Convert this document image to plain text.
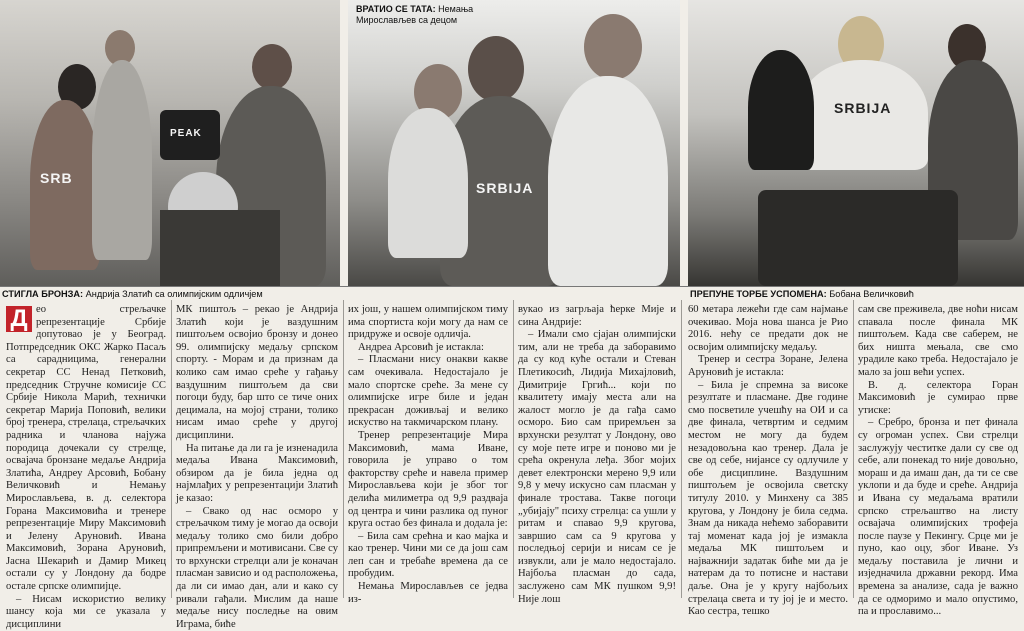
SRB
PEAK
SRBIJA
ВРАТИО СЕ ТАТА: Немања
Мирослављев са децом
SRBIJA
СТИГЛА БРОНЗА: Андрија Златић са олимпијским одличјем	ПРЕПУНЕ ТОРБЕ УСПОМЕНА: Бобана Величковић

Д ео стрељачке репрезентације Србије допутовао је у Београд. Потпредседник ОКС Жарко Пасаљ са сарадницима, генерални секретар СС Ненад Петковић, председник Стручне комисије СС Србије Никола Марић, технички секретар Марија Поповић, велики број тренера, стрелаца, стрељачких радника и чланова најужа породица дочекали су стрелце, освајача бронзане медаље Андрија Златића, Андреу Арсовић, Бобану Величковић и Немању Мирослављева, в. д. селектора Горана Максимовића и тренере репрезентације Миру Максимовић и Јелену Аруновић. Ивана Максимовић, Зорана Аруновић, Јасна Шекарић и Дамир Микец остали су у Лондону да бодре остале српске олимпијце.

– Нисам искористио велику шансу која ми се указала у дисциплини

МК пиштољ – рекао је Андрија Златић који је ваздушним пиштољем освојио бронзу и донео 99. олимпијску медаљу српском спорту. - Морам и да признам да колико сам имао среће у гађању ваздушним пиштољем да сви погоци буду, бар што се тиче оних децимала, на мојој страни, толико нисам имао среће у другој дисциплини.

На питање да ли га је изненадила медаља Ивана Максимовић, обзиром да је била једна од најмлађих у репрезентацији Златић је казао:

– Свако од нас осморо у стрељачком тиму је могао да освоји медаљу толико смо били добро припремљени и мотивисани. Све су то врхунски стрелци али је коначан пласман зависио и од расположења, да ли си имао дан, али и како су ривали гађали. Мислим да наше медаље нису последње на овим Играма, биће

их још, у нашем олимпијском тиму има спортиста који могу да нам се придруже и освоје одличја.

Андреа Арсовић је истакла:

– Пласмани нису онакви какве сам очекивала. Недостајало је мало спортске среће. За мене су олимпијске игре биле и један прекрасан доживљај и велико искуство на такмичарском плану.

Тренер репрезентације Мира Максимовић, мама Иване, говорила је управо о том факторству среће и навела пример Мирослављева који је због тог делића милиметра од 9,9 раздваја од центра и чини разлика од пуног круга остао без финала и додала је:

– Била сам срећна и као мајка и као тренер. Чини ми се да још сам леп сан и требаће времена да се пробудим.

Немања Мирослављев се једва из-

вукао из загрљаја ћерке Мије и сина Андрије:

– Имали смо сјајан олимпијски тим, али не треба да заборавимо да су код куће остали и Стеван Плетикосић, Лидија Михајловић, Димитрије Гргић... који по квалитету имају места али на жалост могло је да гађа само осморо. Био сам приремљен за врхунски резултат у Лондону, ово су моје пете игре и поново ми је срећа окренула леђа. Због мојих девет електронски мерено 9,9 или 9,8 у мечу искусно сам пласман у финале тростава. Такве погоци „убијају" психу стрелца: са ушли у ритам и спавао 9,9 кругова, завршио сам са 9 кругова у последњој серији и нисам се је извукли, али је мало недостајало. Најбоља пласман до сада, заслужено сам МК пушком 9,9! Није лош

60 метара лежећи где сам најмање очекивао. Моја нова шанса је Рио 2016. нећу се предати док не освојим олимпијску медаљу.

Тренер и сестра Зоране, Јелена Аруновић је истакла:

– Била је спремна за високе резултате и пласмане. Две године смо посветиле учешћу на ОИ и са две финала, четвртим и седмим местом не могу да будем незадовољна као тренер. Дала је све од себе, нијансе су одлучиле у обе дисциплине. Ваздушним пиштољем је освојила светску титулу 2010. у Минхену са 385 кругова, у Лондону је била седма. Знам да никада нећемо заборавити тај моменат када јој је измакла медаља МК пиштољем и најважнији задатак биће ми да је натерам да то потисне и настави даље. Она је у кругу најбољих стрелаца света и ту јој је и место. Као сестра, тешко

сам све преживела, две ноћи нисам спавала после финала МК пиштољем. Када све саберем, не бих ништа мењала, све смо урадиле како треба. Недостајало је мало за још већи успех.

В. д. селектора Горан Максимовић је сумирао прве утиске:

– Сребро, бронза и пет финала су огроман успех. Сви стрелци заслужују честитке дали су све од себе, али понекад то није довољно, мораш и да имаш дан, да ти се све уклопи и да буде и среће. Андрија и Ивана су медаљама вратили српско стрељаштво на листу освајача олимпијских трофеја после паузе у Пекингу. Срце ми је пуно, као оцу, због Иване. Уз медаљу поставила је лични и изједначила државни рекорд. Има времена за анализе, сада је важно да се одморимо и мало опустимо, па и прославимо...
